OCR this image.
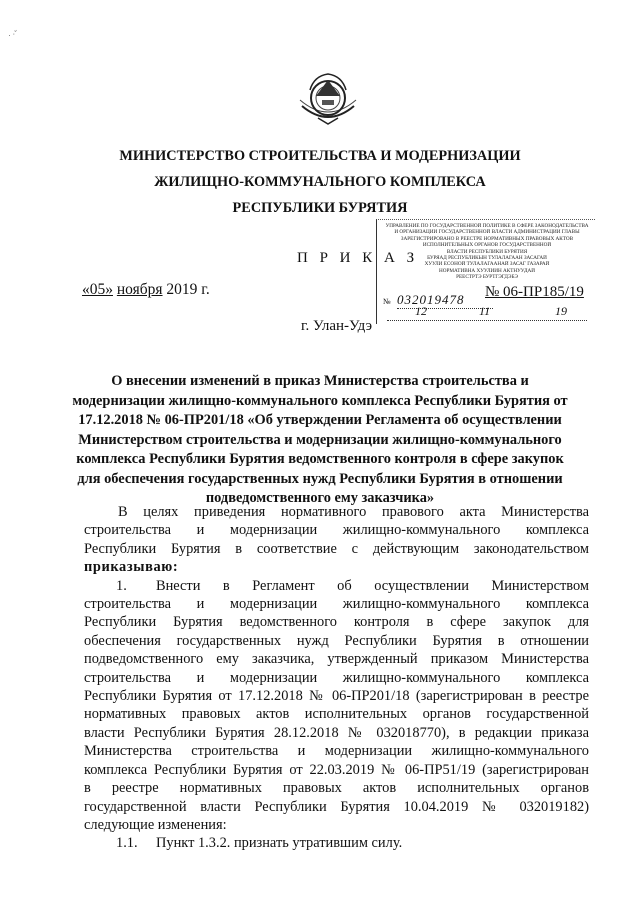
· ·ˇ
МИНИСТЕРСТВО СТРОИТЕЛЬСТВА И МОДЕРНИЗАЦИИ
ЖИЛИЩНО-КОММУНАЛЬНОГО КОМПЛЕКСА
РЕСПУБЛИКИ БУРЯТИЯ
П Р И К А З
«05» ноября 2019 г.
г. Улан-Удэ
УПРАВЛЕНИЕ ПО ГОСУДАРСТВЕННОЙ ПОЛИТИКЕ В СФЕРЕ ЗАКОНОДАТЕЛЬСТВА
И ОРГАНИЗАЦИИ ГОСУДАРСТВЕННОЙ ВЛАСТИ АДМИНИСТРАЦИИ ГЛАВЫ
ЗАРЕГИСТРИРОВАНО В РЕЕСТРЕ НОРМАТИВНЫХ ПРАВОВЫХ АКТОВ
ИСПОЛНИТЕЛЬНЫХ ОРГАНОВ ГОСУДАРСТВЕННОЙ
ВЛАСТИ РЕСПУБЛИКИ БУРЯТИЯ
БУРЯАД РЕСПУБЛИКЫН ТУЛАЛАГААН ЗАСАГАЙ
ХУУЛИ ЁСОНОЙ ТУЛАЛАГААНАЙ ЗАСАГ ГАЗАРАЙ
НОРМАТИВНА ХУУЛИИН АКТНУУДАЙ
РЕЕСТРТЭ БУРТГЭГДЭБЭ
№ 032019478	№ 06-ПР185/19
12	11	19
О внесении изменений в приказ Министерства строительства и модернизации жилищно-коммунального комплекса Республики Бурятия от 17.12.2018 № 06-ПР201/18 «Об утверждении Регламента об осуществлении Министерством строительства и модернизации жилищно-коммунального комплекса Республики Бурятия ведомственного контроля в сфере закупок для обеспечения государственных нужд Республики Бурятия в отношении подведомственного ему заказчика»

В целях приведения нормативного правового акта Министерства

строительства и модернизации жилищно-коммунального комплекса

Республики Бурятия в соответствие с действующим законодательством

приказываю:

1. Внести в Регламент об осуществлении Министерством

строительства и модернизации жилищно-коммунального комплекса

Республики Бурятия ведомственного контроля в сфере закупок для

обеспечения государственных нужд Республики Бурятия в отношении

подведомственного ему заказчика, утвержденный приказом Министерства

строительства и модернизации жилищно-коммунального комплекса

Республики Бурятия от 17.12.2018 № 06-ПР201/18 (зарегистрирован в реестре

нормативных правовых актов исполнительных органов государственной

власти Республики Бурятия 28.12.2018 № 032018770), в редакции приказа

Министерства строительства и модернизации жилищно-коммунального

комплекса Республики Бурятия от 22.03.2019 № 06-ПР51/19 (зарегистрирован

в реестре нормативных правовых актов исполнительных органов

государственной власти Республики Бурятия 10.04.2019 № 032019182)

следующие изменения:

1.1. Пункт 1.3.2. признать утратившим силу.
